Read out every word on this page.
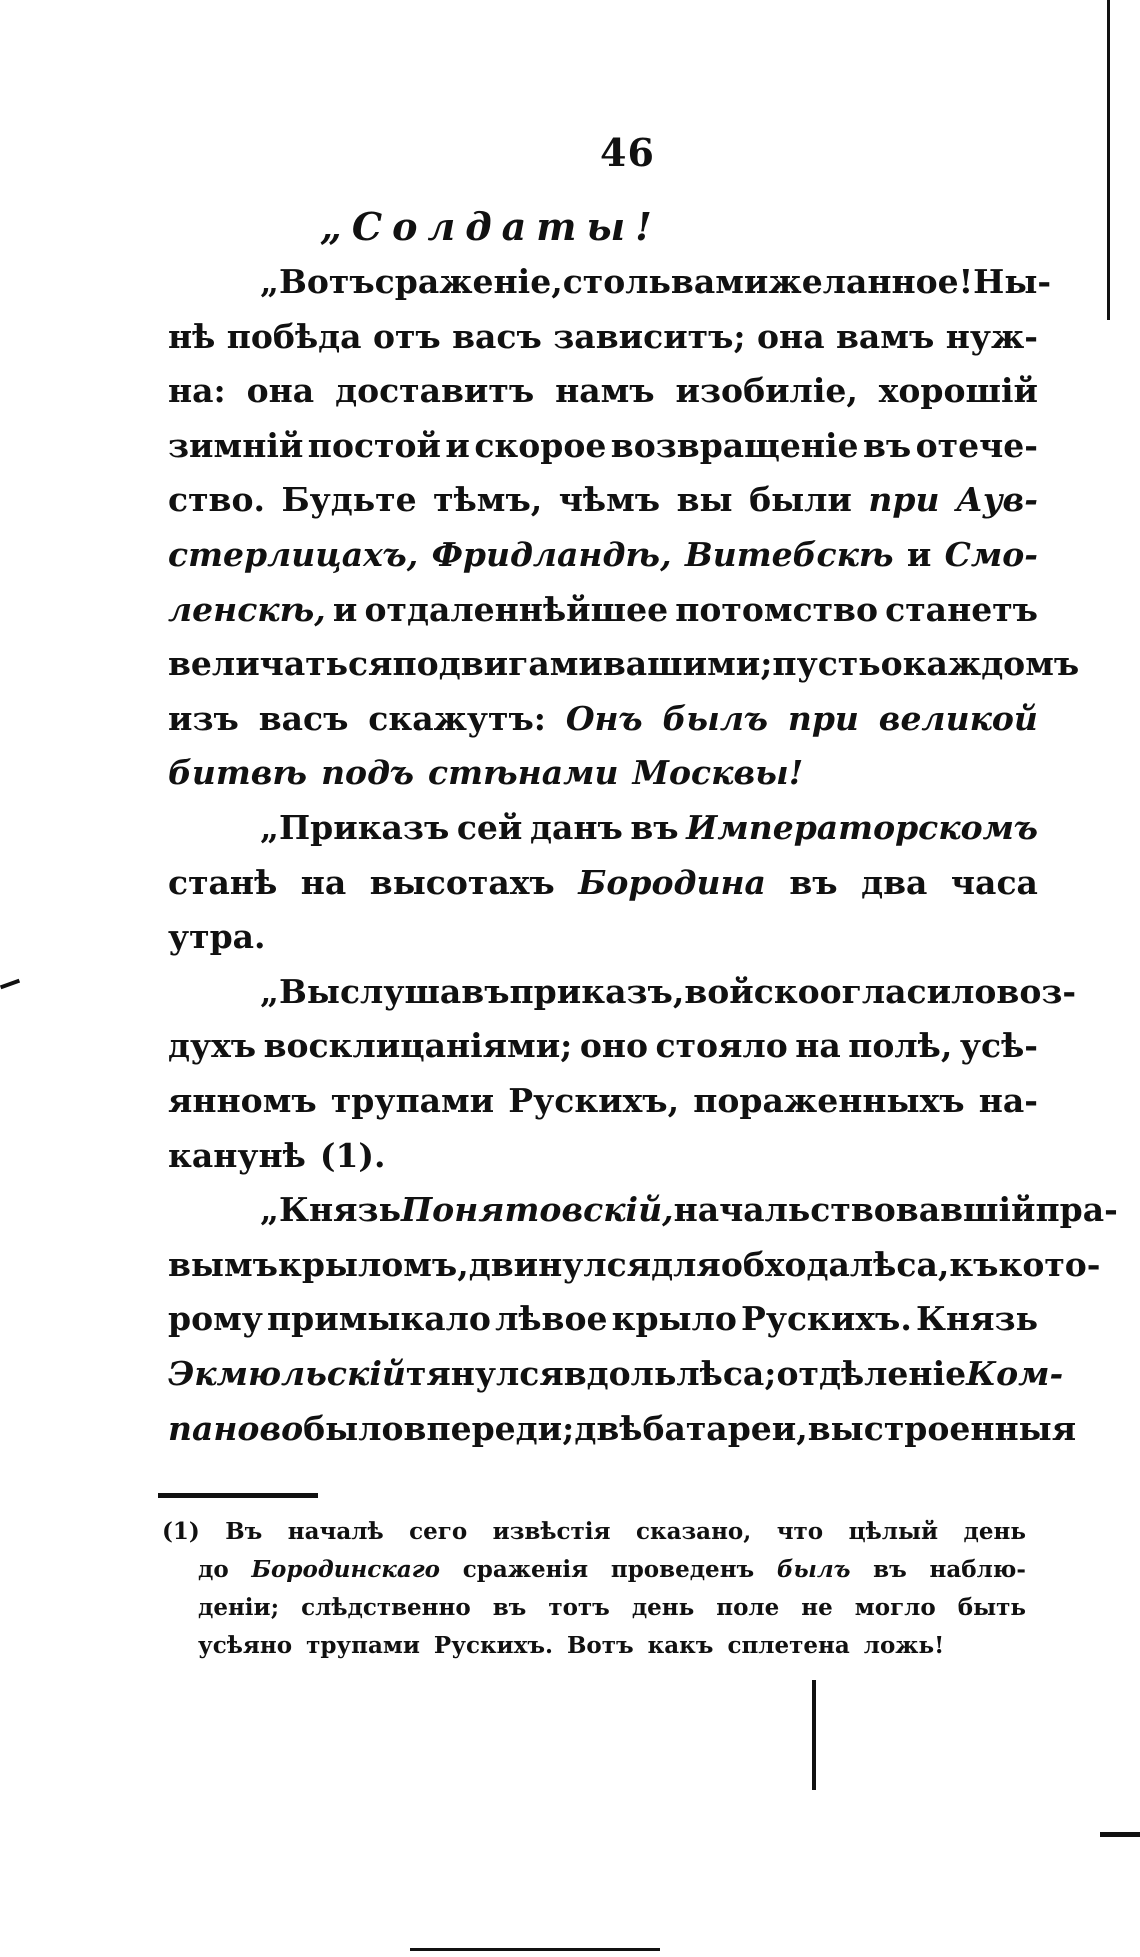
46
„Солдаты!
„Вотъ сраженіе, столь вами желанное! Ны-
нѣ побѣда отъ васъ зависитъ; она вамъ нуж-
на: она доставитъ намъ изобиліе, хорошій
зимній постой и скорое возвращеніе въ отече-
ство. Будьте тѣмъ, чѣмъ вы были при Аув-
стерлицахъ, Фридландѣ, Витебскѣ и Смо-
ленскѣ, и отдаленнѣйшее потомство станетъ
величаться подвигами вашими; пусть о каждомъ
изъ васъ скажутъ: Онъ былъ при великой
битвѣ подъ стѣнами Москвы!
„Приказъ сей данъ въ Императорскомъ
станѣ на высотахъ Бородина въ два часа
утра.
„Выслушавъ приказъ, войско огласило воз-
духъ восклицаніями; оно стояло на полѣ, усѣ-
янномъ трупами Рускихъ, пораженныхъ на-
канунѣ (1).
„Князь Понятовскій, начальствовавшій пра-
вымъ крыломъ, двинулся для обхода лѣса, къ кото-
рому примыкало лѣвое крыло Рускихъ. Князь
Экмюльскій тянулся вдоль лѣса; отдѣленіе Ком-
паново было впереди; двѣ батареи, выстроенныя
(1) Въ началѣ сего извѣстія сказано, что цѣлый день
до Бородинскаго сраженія проведенъ былъ въ наблю-
деніи; слѣдственно въ тотъ день поле не могло быть
усѣяно трупами Рускихъ. Вотъ какъ сплетена ложь!
